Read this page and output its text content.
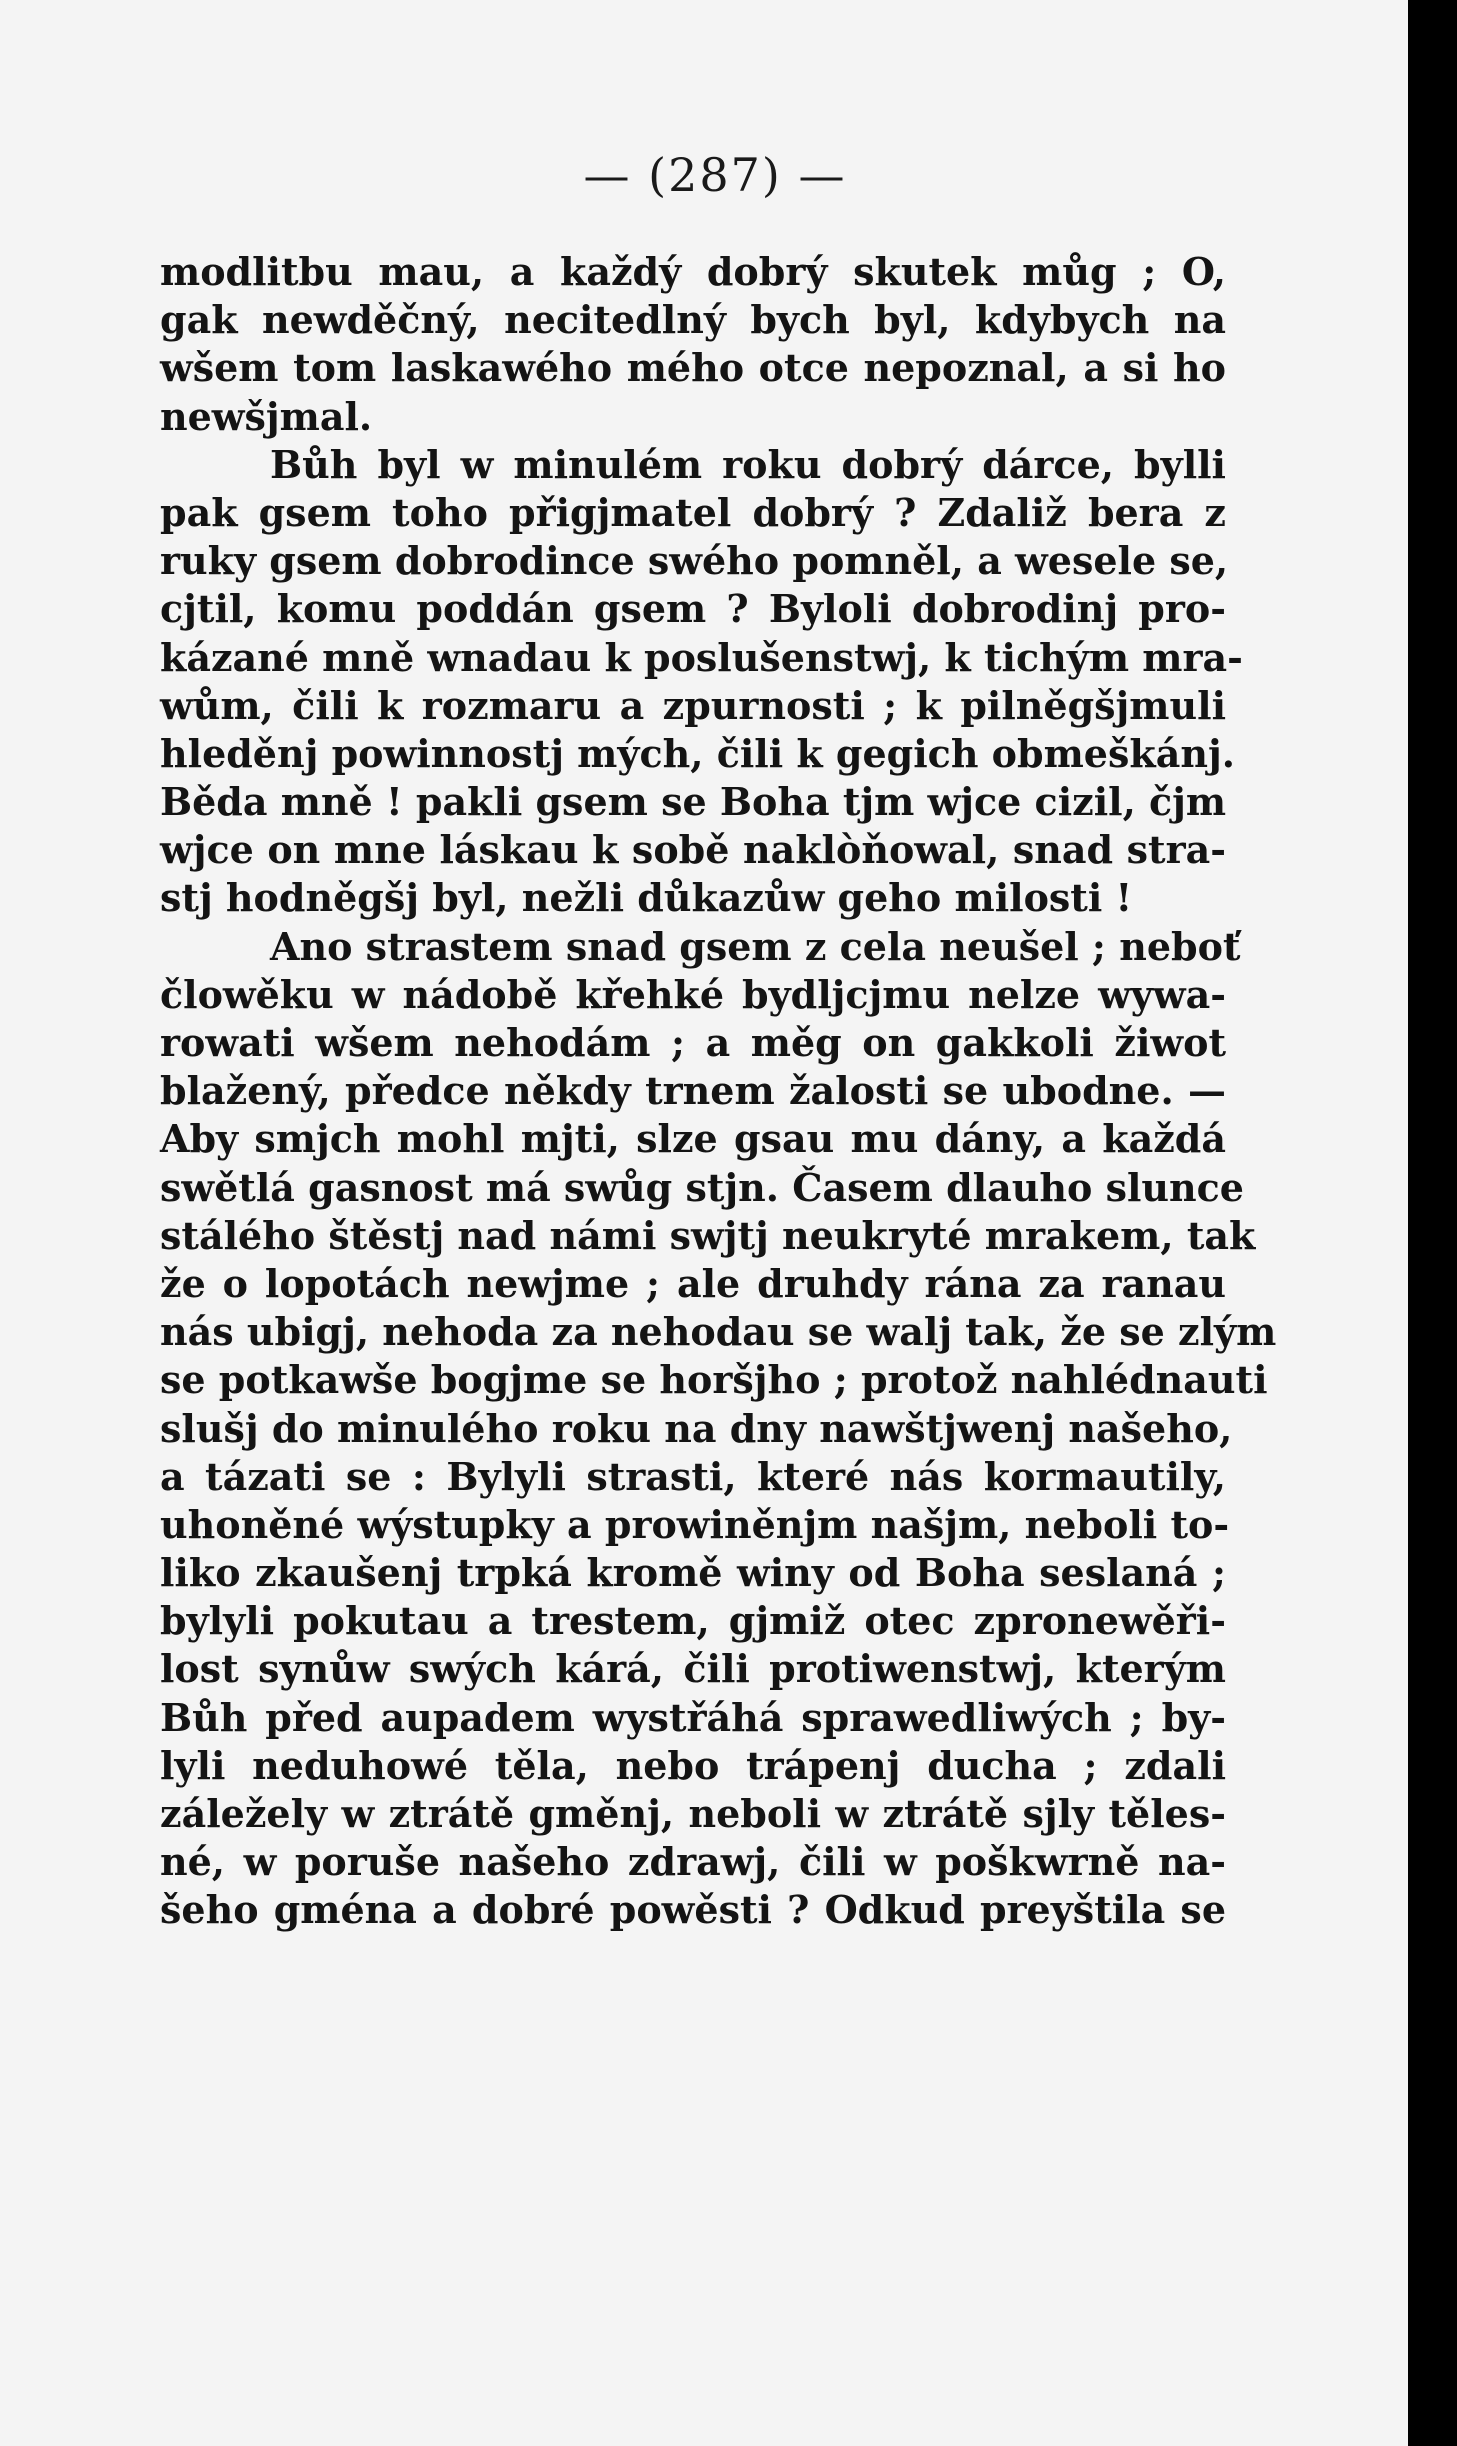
— (287) —
modlitbu mau, a každý dobrý skutek můg ; O,
gak newděčný, necitedlný bych byl, kdybych na
wšem tom laskawého mého otce nepoznal, a si ho
newšjmal.
Bůh byl w minulém roku dobrý dárce, bylli
pak gsem toho přigjmatel dobrý ? Zdaliž bera z
ruky gsem dobrodince swého pomněl, a wesele se,
cjtil, komu poddán gsem ? Byloli dobrodinj pro-
kázané mně wnadau k poslušenstwj, k tichým mra-
wům, čili k rozmaru a zpurnosti ; k pilněgšjmuli
hleděnj powinnostj mých, čili k gegich obmeškánj.
Běda mně ! pakli gsem se Boha tjm wjce cizil, čjm
wjce on mne láskau k sobě naklòňowal, snad stra-
stj hodněgšj byl, nežli důkazůw geho milosti !
Ano strastem snad gsem z cela neušel ; neboť
člowěku w nádobě křehké bydljcjmu nelze wywa-
rowati wšem nehodám ; a měg on gakkoli žiwot
blažený, předce někdy trnem žalosti se ubodne. —
Aby smjch mohl mjti, slze gsau mu dány, a každá
swětlá gasnost má swůg stjn. Časem dlauho slunce
stálého štěstj nad námi swjtj neukryté mrakem, tak
že o lopotách newjme ; ale druhdy rána za ranau
nás ubigj, nehoda za nehodau se walj tak, že se zlým
se potkawše bogjme se horšjho ; protož nahlédnauti
slušj do minulého roku na dny nawštjwenj našeho,
a tázati se : Bylyli strasti, které nás kormautily,
uhoněné wýstupky a prowiněnjm našjm, neboli to-
liko zkaušenj trpká kromě winy od Boha seslaná ;
bylyli pokutau a trestem, gjmiž otec zpronewěři-
lost synůw swých kárá, čili protiwenstwj, kterým
Bůh před aupadem wystřáhá sprawedliwých ; by-
lyli neduhowé těla, nebo trápenj ducha ; zdali
záležely w ztrátě gměnj, neboli w ztrátě sjly těles-
né, w poruše našeho zdrawj, čili w poškwrně na-
šeho gména a dobré powěsti ? Odkud preyštila se
